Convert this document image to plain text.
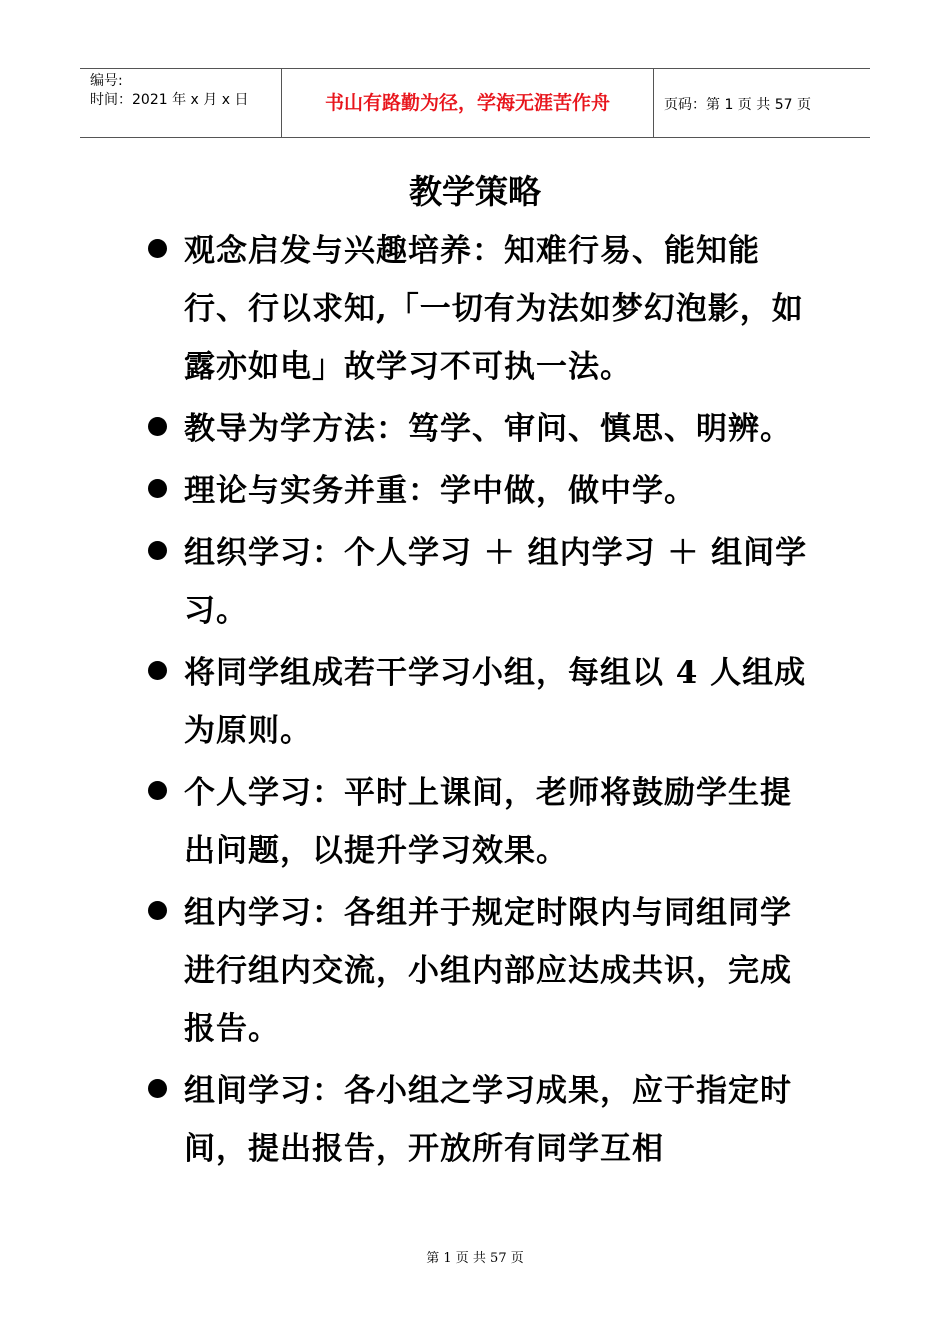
编号:
时间：2021 年 x 月 x 日	书山有路勤为径，学海无涯苦作舟	页码：第 1 页 共 57 页
教学策略
观念启发与兴趣培养：知难行易、能知能行、行以求知,「一切有为法如梦幻泡影，如露亦如电」故学习不可执一法。
教导为学方法：笃学、审问、慎思、明辨。
理论与实务并重：学中做，做中学。
组织学习：个人学习 ＋ 组内学习 ＋ 组间学习。
将同学组成若干学习小组，每组以 4 人组成为原则。
个人学习：平时上课间，老师将鼓励学生提出问题，以提升学习效果。
组内学习：各组并于规定时限内与同组同学进行组内交流，小组内部应达成共识，完成报告。
组间学习：各小组之学习成果，应于指定时间，提出报告，开放所有同学互相
第 1 页 共 57 页
